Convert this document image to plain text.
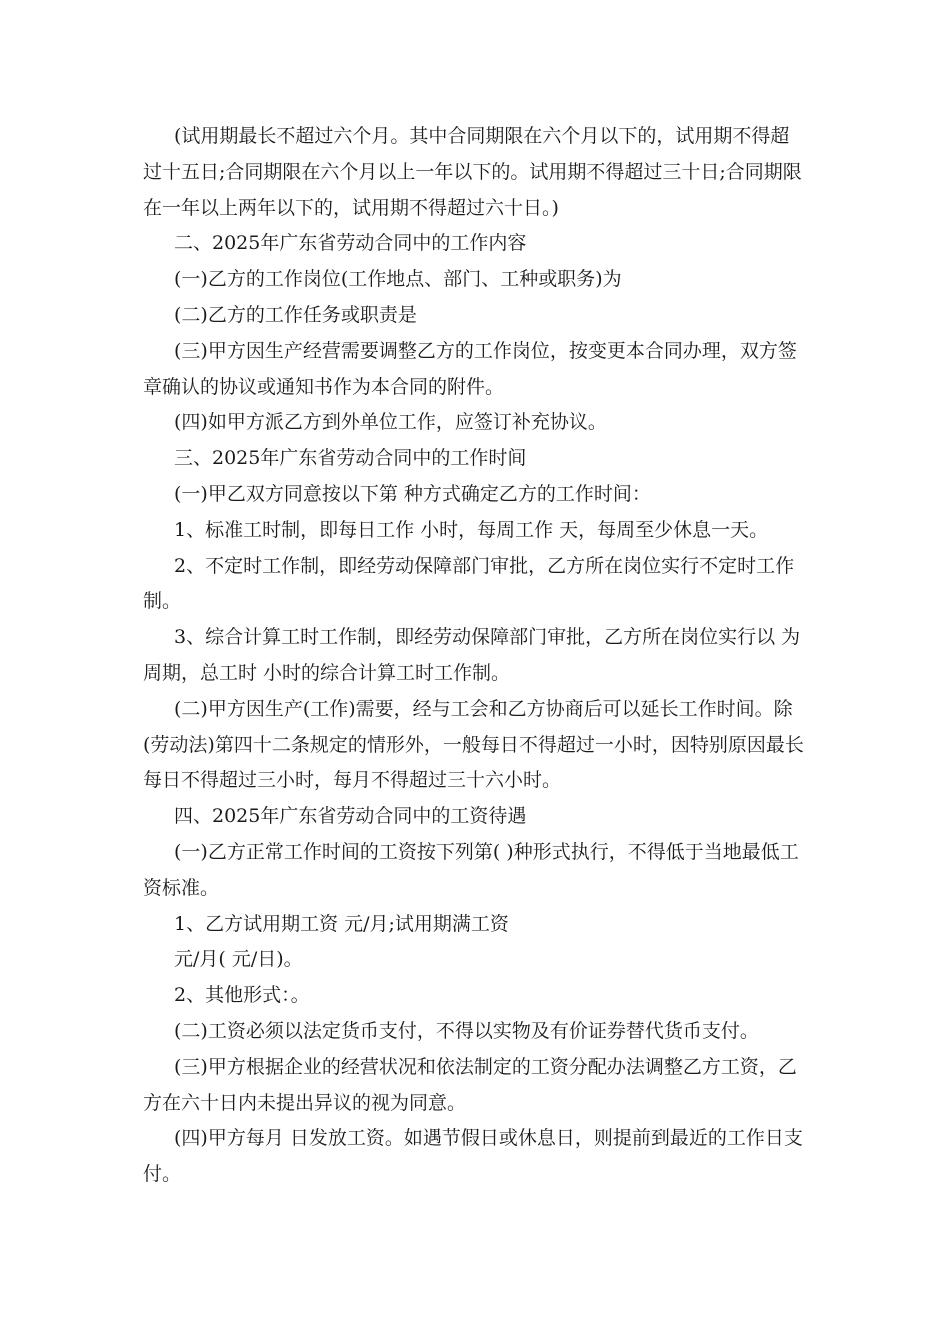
(试用期最长不超过六个月。其中合同期限在六个月以下的，试用期不得超过十五日;合同期限在六个月以上一年以下的。试用期不得超过三十日;合同期限在一年以上两年以下的，试用期不得超过六十日。)

二、2025年广东省劳动合同中的工作内容

(一)乙方的工作岗位(工作地点、部门、工种或职务)为

(二)乙方的工作任务或职责是

(三)甲方因生产经营需要调整乙方的工作岗位，按变更本合同办理，双方签章确认的协议或通知书作为本合同的附件。

(四)如甲方派乙方到外单位工作，应签订补充协议。

三、2025年广东省劳动合同中的工作时间

(一)甲乙双方同意按以下第 种方式确定乙方的工作时间：

1、标准工时制，即每日工作 小时，每周工作 天，每周至少休息一天。

2、不定时工作制，即经劳动保障部门审批，乙方所在岗位实行不定时工作制。

3、综合计算工时工作制，即经劳动保障部门审批，乙方所在岗位实行以 为周期，总工时 小时的综合计算工时工作制。

(二)甲方因生产(工作)需要，经与工会和乙方协商后可以延长工作时间。除(劳动法)第四十二条规定的情形外，一般每日不得超过一小时，因特别原因最长每日不得超过三小时，每月不得超过三十六小时。

四、2025年广东省劳动合同中的工资待遇

(一)乙方正常工作时间的工资按下列第( )种形式执行，不得低于当地最低工资标准。

1、乙方试用期工资 元/月;试用期满工资

元/月( 元/日)。

2、其他形式：。

(二)工资必须以法定货币支付，不得以实物及有价证券替代货币支付。

(三)甲方根据企业的经营状况和依法制定的工资分配办法调整乙方工资，乙方在六十日内未提出异议的视为同意。

(四)甲方每月 日发放工资。如遇节假日或休息日，则提前到最近的工作日支付。
